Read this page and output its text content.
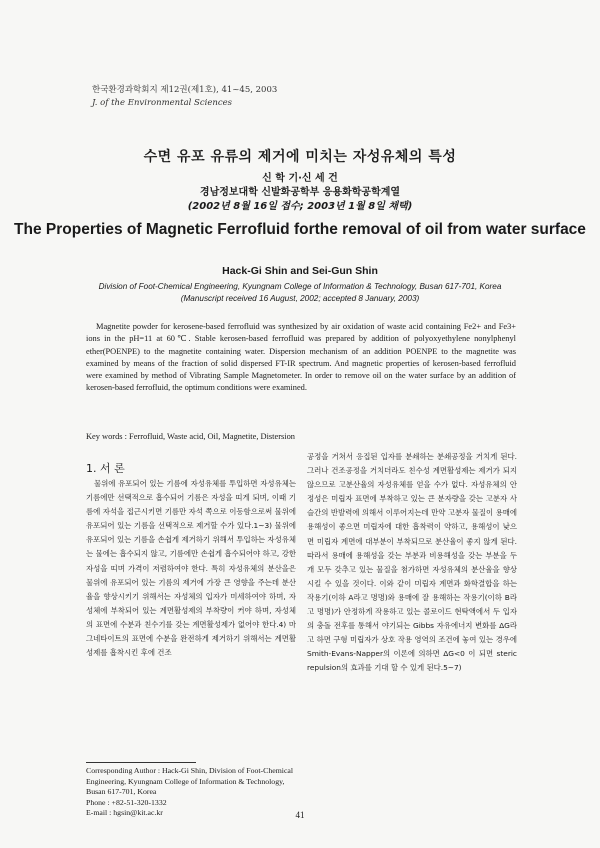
한국환경과학회지 제12권(제1호), 41~45, 2003
J. of the Environmental Sciences
수면 유포 유류의 제거에 미치는 자성유체의 특성
신 학 기·신 세 건
경남정보대학 신발화공학부 응용화학공학계열
(2002년 8월 16일 접수; 2003년 1월 8일 채택)
The Properties of Magnetic Ferrofluid forthe removal of oil from water surface
Hack-Gi Shin and Sei-Gun Shin
Division of Foot-Chemical Engineering, Kyungnam College of Information & Technology, Busan 617-701, Korea
(Manuscript received 16 August, 2002; accepted 8 January, 2003)
Magnetite powder for kerosene-based ferrofluid was synthesized by air oxidation of waste acid containing Fe2+ and Fe3+ ions in the pH=11 at 60℃. Stable kerosen-based ferrofluid was prepared by addition of polyoxyethylene nonylphenyl ether(POENPE) to the magnetite containing water. Dispersion mechanism of an addition POENPE to the magnetite was examined by means of the fraction of solid dispersed FT-IR spectrum. And magnetic properties of kerosen-based ferrofluid were examined by method of Vibrating Sample Magnetometer. In order to remove oil on the water surface by an addition of kerosen-based ferrofluid, the optimum conditions were examined.
Key words : Ferrofluid, Waste acid, Oil, Magnetite, Distersion
1. 서 론

물위에 유포되어 있는 기름에 자성유체를 투입하면 자성유체는 기름에만 선택적으로 흡수되어 기름은 자성을 띠게 되며, 이때 기름에 자석을 접근시키면 기름만 자석 쪽으로 이동함으로써 물위에 유포되어 있는 기름을 선택적으로 제거할 수가 있다.1~3) 물위에 유포되어 있는 기름을 손쉽게 제거하기 위해서 투입하는 자성유체는 물에는 흡수되지 않고, 기름에만 손쉽게 흡수되어야 하고, 강한 자성을 띠며 가격이 저렴하여야 한다. 특히 자성유체의 분산을은 물위에 유포되어 있는 기름의 제거에 가장 큰 영향을 주는데 분산율을 향상시키기 위해서는 자성체의 입자가 미세하여야 하며, 자성체에 부착되어 있는 계면활성제의 부착량이 커야 하며, 자성체의 표면에 수분과 친수기를 갖는 계면활성제가 없어야 한다.4) 마그네타이트의 표면에 수분을 완전하게 제거하기 위해서는 계면활성제를 흡착시킨 후에 건조

공정을 거쳐서 응집된 입자를 분쇄하는 분쇄공정을 거치게 된다. 그러나 건조공정을 거치더라도 친수성 계면활성제는 제거가 되지 않으므로 고분산율의 자성유체를 얻을 수가 없다. 자성유체의 안정성은 미립자 표면에 부착하고 있는 큰 분자량을 갖는 고분자 사슬간의 반발력에 의해서 이루어지는데 만약 고분자 물질이 용매에 용해성이 좋으면 미립자에 대한 흡착력이 약하고, 용해성이 낮으면 미립자 계면에 대부분이 부착되므로 분산율이 좋지 않게 된다. 따라서 용매에 용해성을 갖는 부분과 비용해성을 갖는 부분을 두 개 모두 갖추고 있는 물질을 첨가하면 자성유체의 분산율을 향상시킬 수 있을 것이다. 이와 같이 미립자 계면과 화학결합을 하는 작용기(이하 A라고 명명)와 용매에 잘 용해하는 작용기(이하 B라고 명명)가 안정하게 작용하고 있는 콜로이드 현탁액에서 두 입자의 충돌 전후를 통해서 야기되는 Gibbs 자유에너지 변화를 ΔG라고 하면 구형 미립자가 상호 작용 영역의 조건에 놓여 있는 경우에 Smith-Evans-Napper의 이론에 의하면 ΔG<0 이 되면 steric repulsion의 효과를 기대 할 수 있게 된다.5~7)

Corresponding Author : Hack-Gi Shin, Division of Foot-Chemical Engineering, Kyungnam College of Information & Technology, Busan 617-701, Korea
Phone : +82-51-320-1332
E-mail : hgsin@kit.ac.kr	41
